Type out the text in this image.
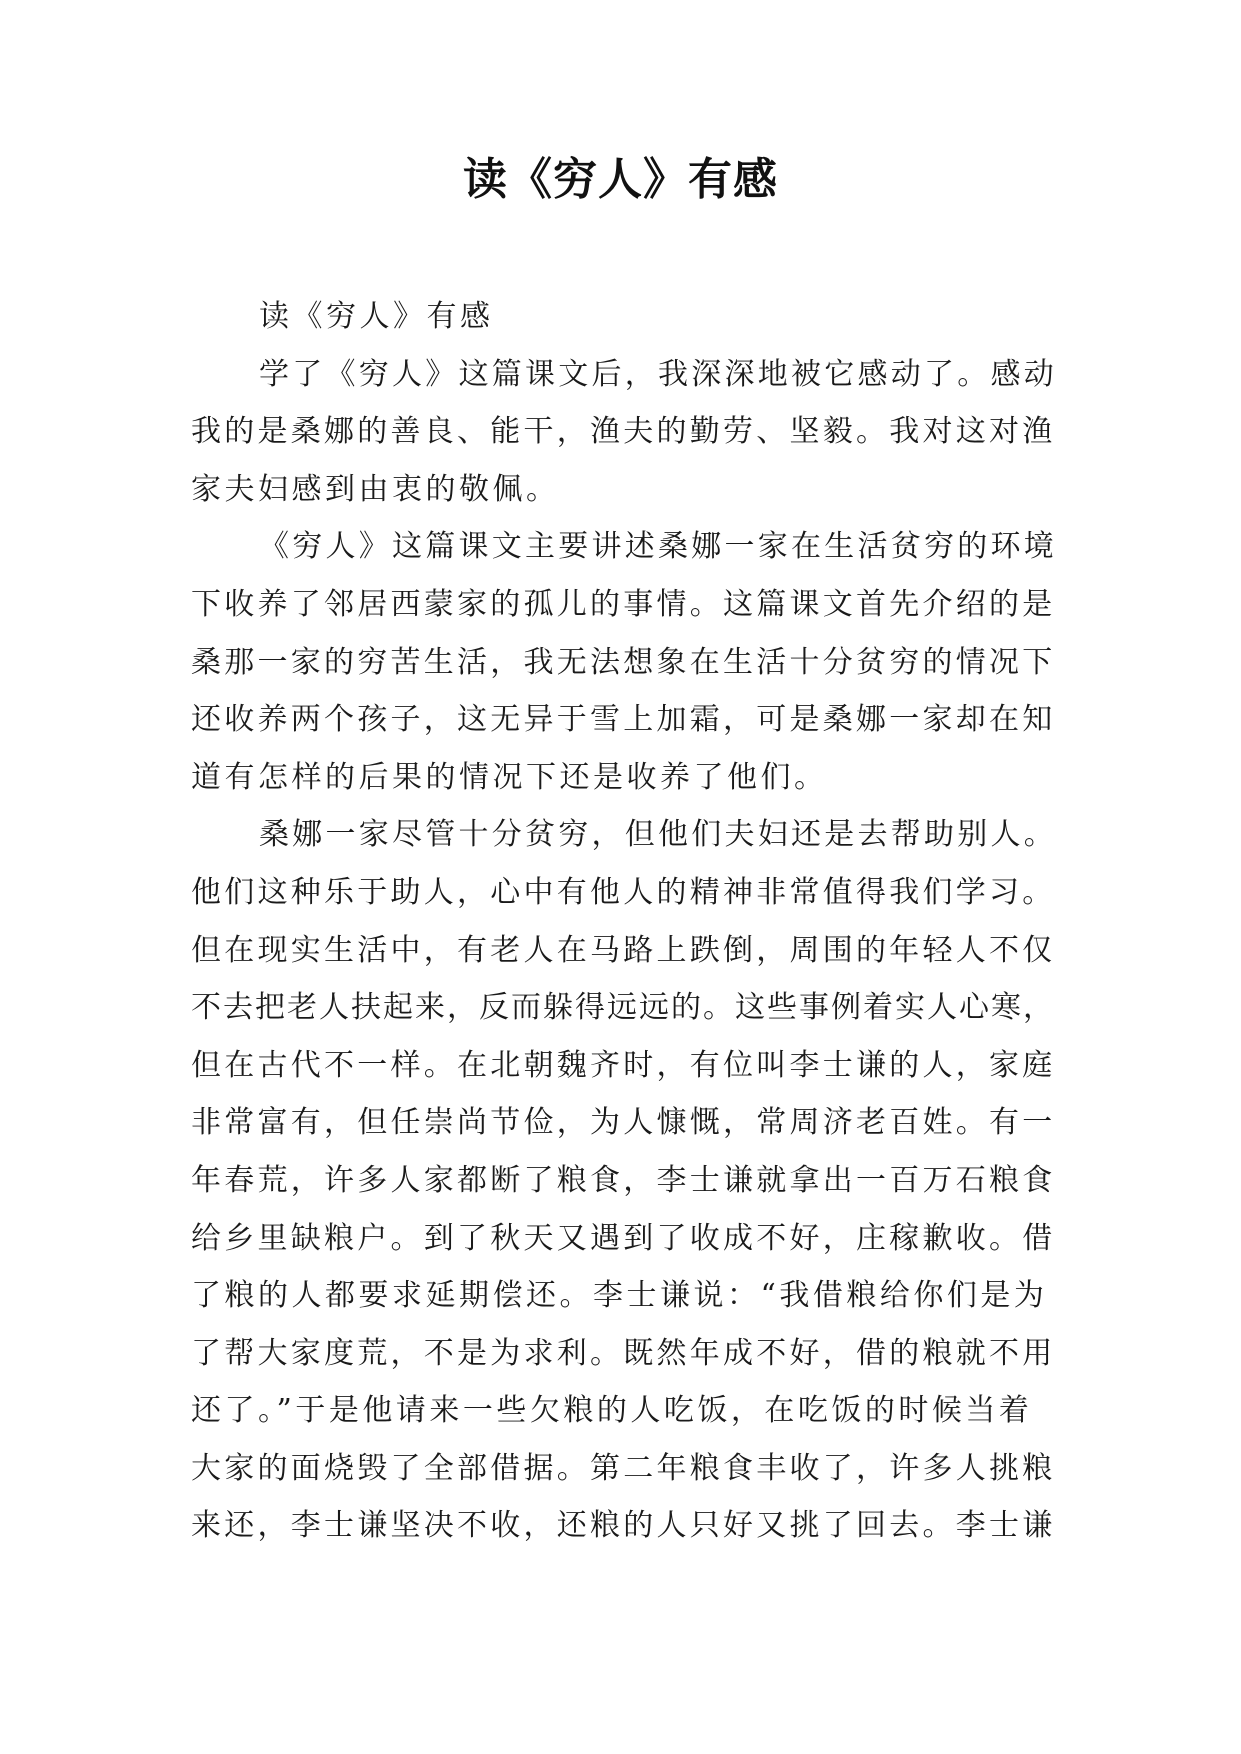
读《穷人》有感
读《穷人》有感
学了《穷人》这篇课文后，我深深地被它感动了。感动
我的是桑娜的善良、能干，渔夫的勤劳、坚毅。我对这对渔
家夫妇感到由衷的敬佩。
《穷人》这篇课文主要讲述桑娜一家在生活贫穷的环境
下收养了邻居西蒙家的孤儿的事情。这篇课文首先介绍的是
桑那一家的穷苦生活，我无法想象在生活十分贫穷的情况下
还收养两个孩子，这无异于雪上加霜，可是桑娜一家却在知
道有怎样的后果的情况下还是收养了他们。
桑娜一家尽管十分贫穷，但他们夫妇还是去帮助别人。
他们这种乐于助人，心中有他人的精神非常值得我们学习。
但在现实生活中，有老人在马路上跌倒，周围的年轻人不仅
不去把老人扶起来，反而躲得远远的。这些事例着实人心寒，
但在古代不一样。在北朝魏齐时，有位叫李士谦的人，家庭
非常富有，但任崇尚节俭，为人慷慨，常周济老百姓。有一
年春荒，许多人家都断了粮食，李士谦就拿出一百万石粮食
给乡里缺粮户。到了秋天又遇到了收成不好，庄稼歉收。借
了粮的人都要求延期偿还。李士谦说：“我借粮给你们是为
了帮大家度荒，不是为求利。既然年成不好，借的粮就不用
还了。”于是他请来一些欠粮的人吃饭，在吃饭的时候当着
大家的面烧毁了全部借据。第二年粮食丰收了，许多人挑粮
来还，李士谦坚决不收，还粮的人只好又挑了回去。李士谦
